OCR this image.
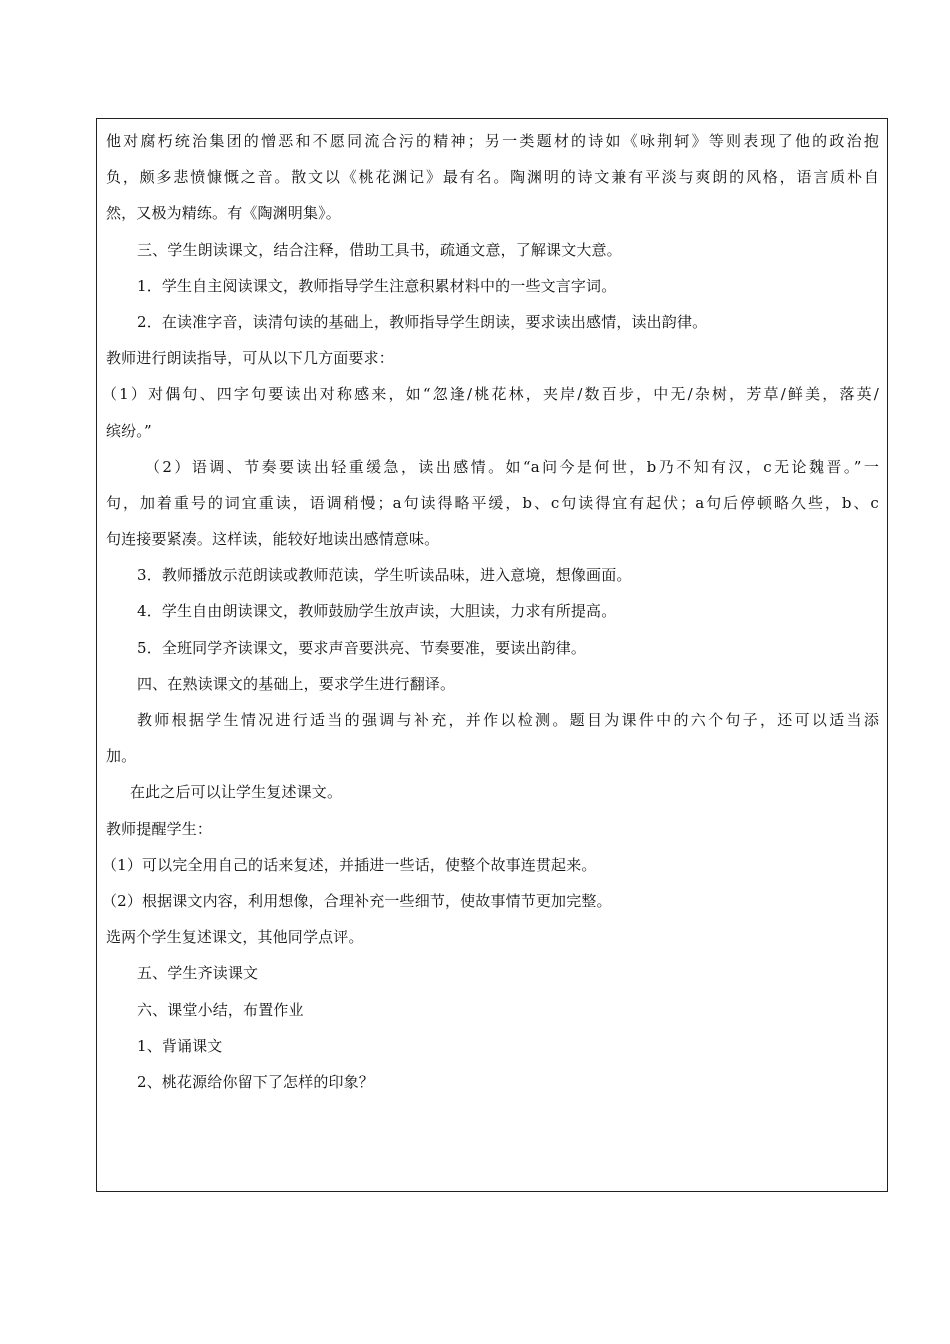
他对腐朽统治集团的憎恶和不愿同流合污的精神；另一类题材的诗如《咏荆轲》等则表现了他的政治抱
负，颇多悲愤慷慨之音。散文以《桃花渊记》最有名。陶渊明的诗文兼有平淡与爽朗的风格，语言质朴自
然，又极为精练。有《陶渊明集》。
三、学生朗读课文，结合注释，借助工具书，疏通文意，了解课文大意。
1．学生自主阅读课文，教师指导学生注意积累材料中的一些文言字词。
2．在读准字音，读清句读的基础上，教师指导学生朗读，要求读出感情，读出韵律。
教师进行朗读指导，可从以下几方面要求：
（1）对偶句、四字句要读出对称感来，如“忽逢/桃花林，夹岸/数百步，中无/杂树，芳草/鲜美，落英/
缤纷。”
（2）语调、节奏要读出轻重缓急，读出感情。如“a问今是何世，b乃不知有汉，c无论魏晋。”一
句，加着重号的词宜重读，语调稍慢；a句读得略平缓，b、c句读得宜有起伏；a句后停顿略久些，b、c
句连接要紧凑。这样读，能较好地读出感情意味。
3．教师播放示范朗读或教师范读，学生听读品味，进入意境，想像画面。
4．学生自由朗读课文，教师鼓励学生放声读，大胆读，力求有所提高。
5．全班同学齐读课文，要求声音要洪亮、节奏要准，要读出韵律。
四、在熟读课文的基础上，要求学生进行翻译。
教师根据学生情况进行适当的强调与补充，并作以检测。题目为课件中的六个句子，还可以适当添
加。
在此之后可以让学生复述课文。
教师提醒学生：
（1）可以完全用自己的话来复述，并插进一些话，使整个故事连贯起来。
（2）根据课文内容，利用想像，合理补充一些细节，使故事情节更加完整。
选两个学生复述课文，其他同学点评。
五、学生齐读课文
六、课堂小结，布置作业
1、背诵课文
2、桃花源给你留下了怎样的印象？
